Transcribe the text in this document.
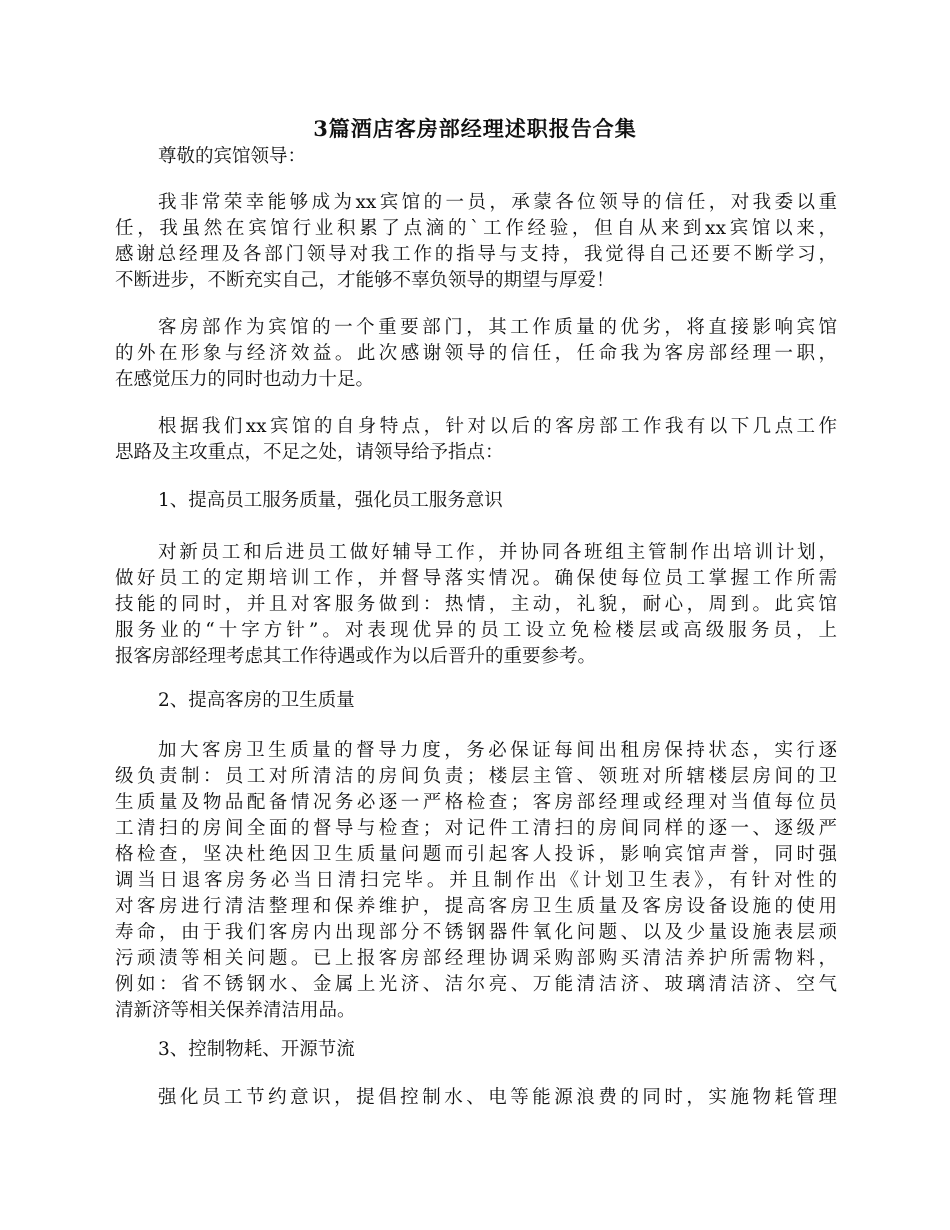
3篇酒店客房部经理述职报告合集
尊敬的宾馆领导：
我非常荣幸能够成为xx宾馆的一员，承蒙各位领导的信任，对我委以重
任，我虽然在宾馆行业积累了点滴的`工作经验，但自从来到xx宾馆以来，
感谢总经理及各部门领导对我工作的指导与支持，我觉得自己还要不断学习，
不断进步，不断充实自己，才能够不辜负领导的期望与厚爱！
客房部作为宾馆的一个重要部门，其工作质量的优劣，将直接影响宾馆
的外在形象与经济效益。此次感谢领导的信任，任命我为客房部经理一职，
在感觉压力的同时也动力十足。
根据我们xx宾馆的自身特点，针对以后的客房部工作我有以下几点工作
思路及主攻重点，不足之处，请领导给予指点：
1、提高员工服务质量，强化员工服务意识
对新员工和后进员工做好辅导工作，并协同各班组主管制作出培训计划，
做好员工的定期培训工作，并督导落实情况。确保使每位员工掌握工作所需
技能的同时，并且对客服务做到：热情，主动，礼貌，耐心，周到。此宾馆
服务业的“十字方针”。对表现优异的员工设立免检楼层或高级服务员，上
报客房部经理考虑其工作待遇或作为以后晋升的重要参考。
2、提高客房的卫生质量
加大客房卫生质量的督导力度，务必保证每间出租房保持状态，实行逐
级负责制：员工对所清洁的房间负责；楼层主管、领班对所辖楼层房间的卫
生质量及物品配备情况务必逐一严格检查；客房部经理或经理对当值每位员
工清扫的房间全面的督导与检查；对记件工清扫的房间同样的逐一、逐级严
格检查，坚决杜绝因卫生质量问题而引起客人投诉，影响宾馆声誉，同时强
调当日退客房务必当日清扫完毕。并且制作出《计划卫生表》，有针对性的
对客房进行清洁整理和保养维护，提高客房卫生质量及客房设备设施的使用
寿命，由于我们客房内出现部分不锈钢器件氧化问题、以及少量设施表层顽
污顽渍等相关问题。已上报客房部经理协调采购部购买清洁养护所需物料，
例如：省不锈钢水、金属上光济、洁尔亮、万能清洁济、玻璃清洁济、空气
清新济等相关保养清洁用品。
3、控制物耗、开源节流
强化员工节约意识，提倡控制水、电等能源浪费的同时，实施物耗管理
